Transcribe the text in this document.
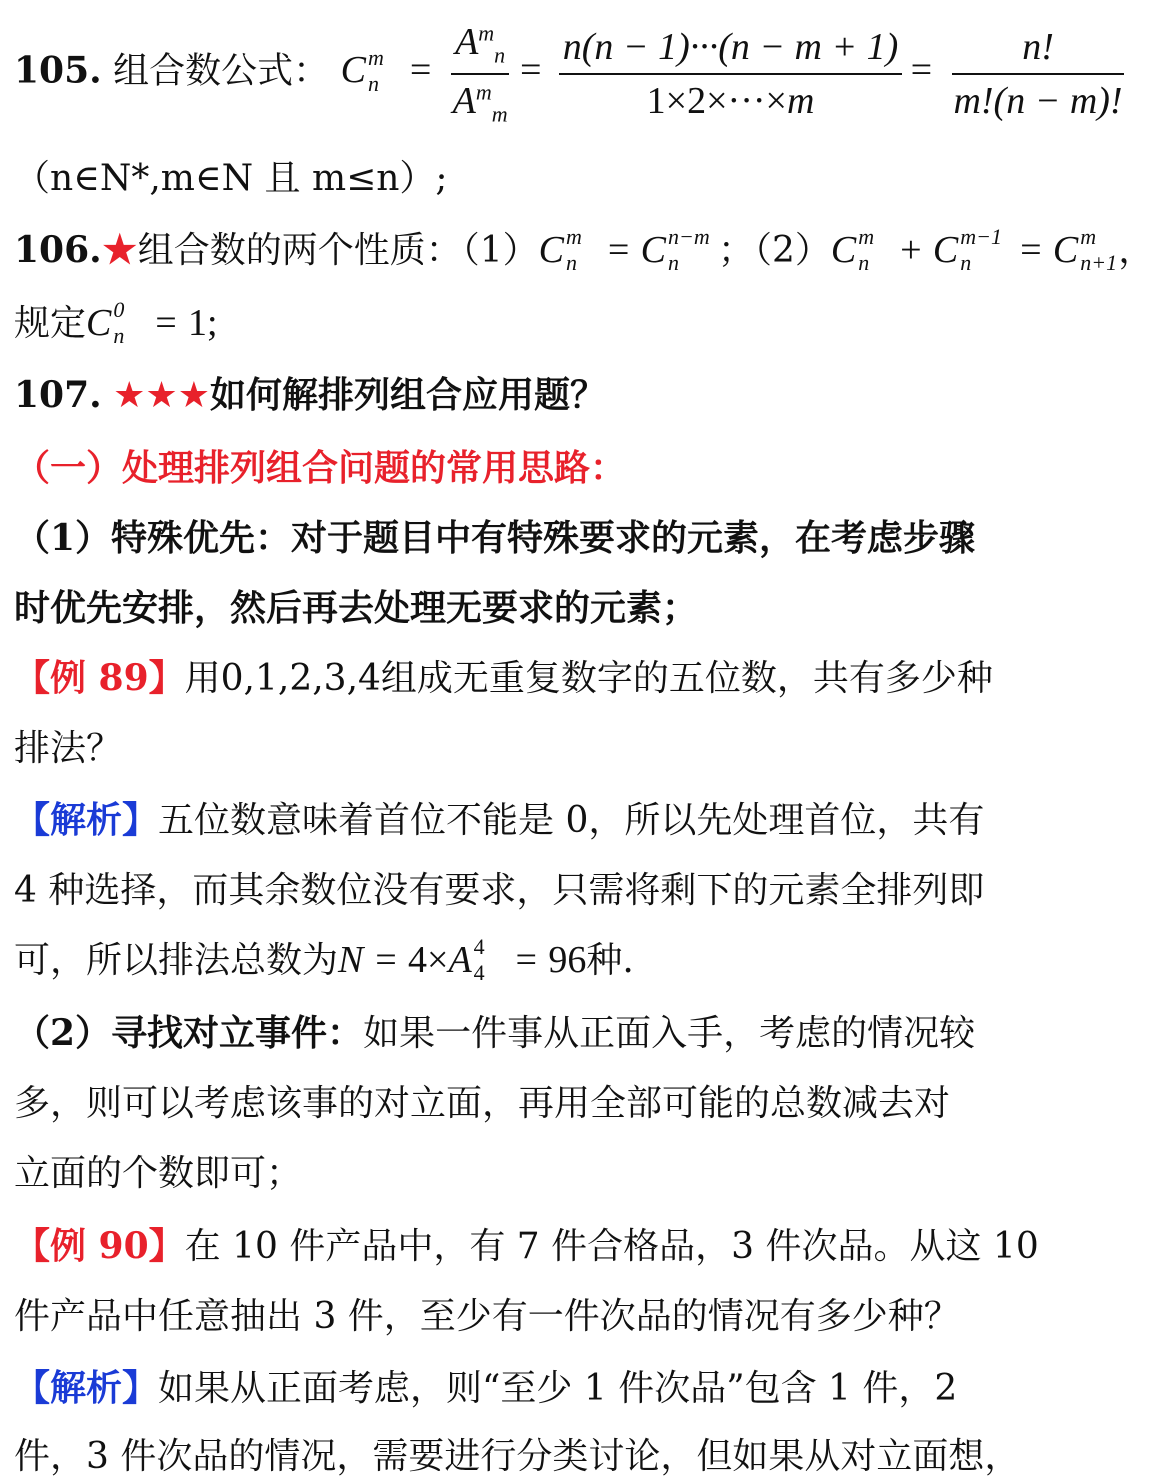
105. 组合数公式： C m
$n = \frac{A^m_n}{A^m_m} = \frac{n(n - 1)\cdot\cdot\cdot(n - m + 1)}{1\times 2\times\cdot\cdot\cdot\times m} = \frac{n!}{m!(n - m)!}$
（n∈N*,m∈N 且 m≤n）;
106.★组合数的两个性质：（1）C m
n = C n−m
n ；（2）C m
n + C m−1
n = C m
n+1 ，
规定C 0
n = 1;
107. ★★★如何解排列组合应用题？
（一）处理排列组合问题的常用思路：
（1）特殊优先：对于题目中有特殊要求的元素，在考虑步骤
时优先安排，然后再去处理无要求的元素；
【例 89】用0,1,2,3,4组成无重复数字的五位数，共有多少种
排法？
【解析】五位数意味着首位不能是 0，所以先处理首位，共有
4 种选择，而其余数位没有要求，只需将剩下的元素全排列即
可，所以排法总数为N = 4×A 4
4 = 96种.
（2）寻找对立事件：如果一件事从正面入手，考虑的情况较
多，则可以考虑该事的对立面，再用全部可能的总数减去对
立面的个数即可；
【例 90】在 10 件产品中，有 7 件合格品，3 件次品。从这 10
件产品中任意抽出 3 件，至少有一件次品的情况有多少种？
【解析】如果从正面考虑，则“至少 1 件次品”包含 1 件，2
件，3 件次品的情况，需要进行分类讨论，但如果从对立面想，
